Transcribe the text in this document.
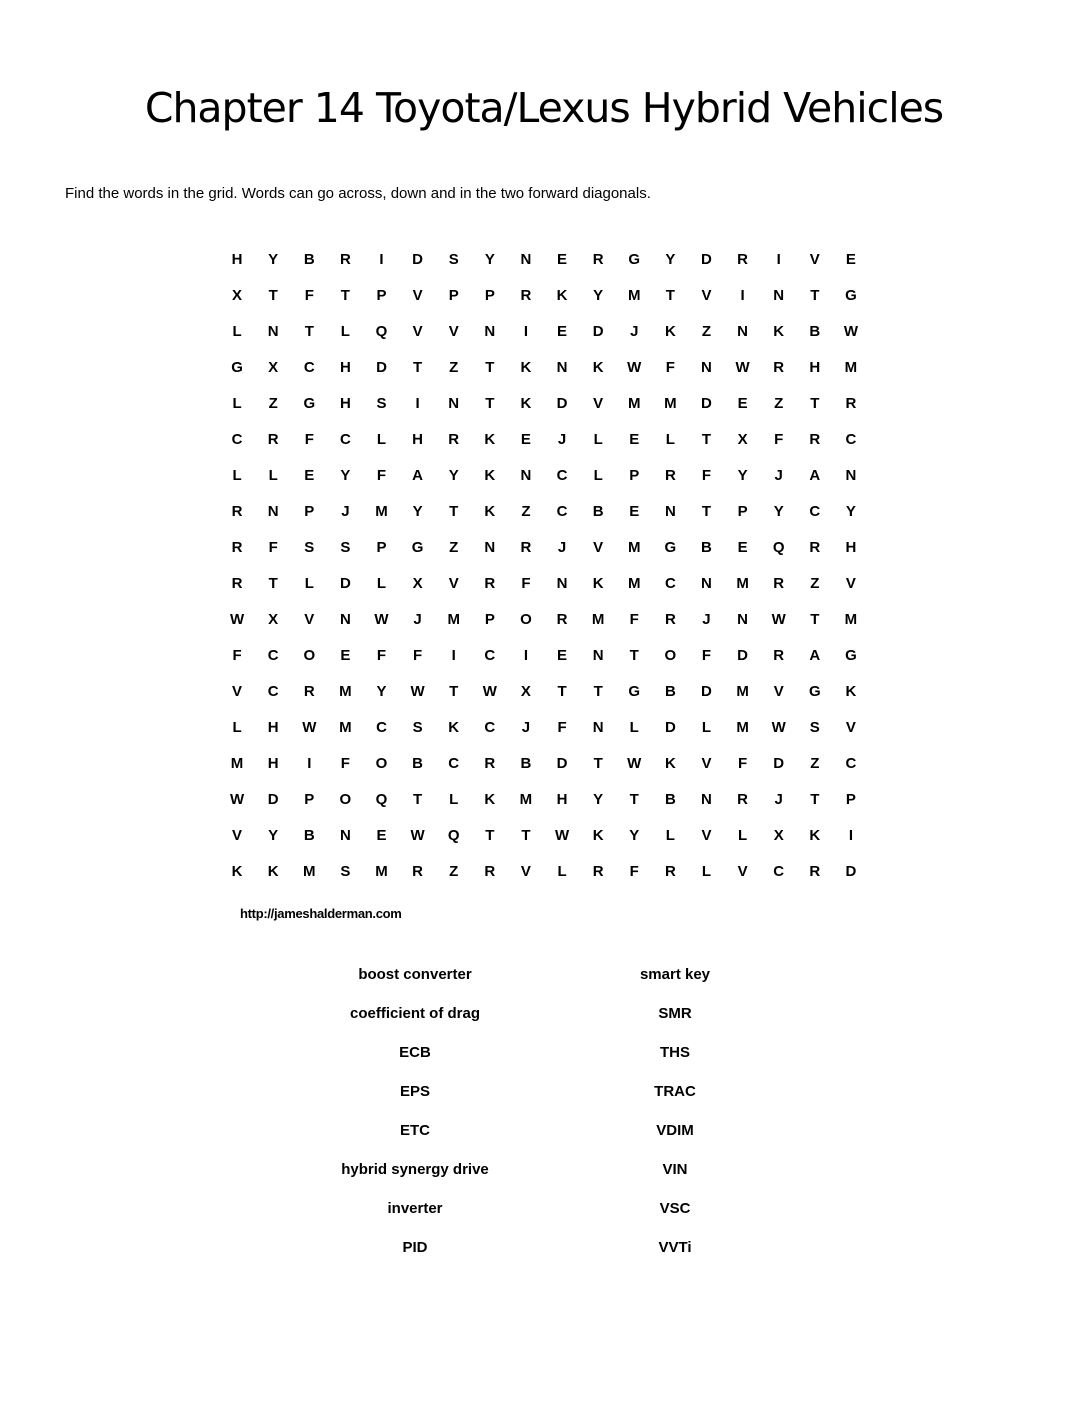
Chapter 14 Toyota/Lexus Hybrid Vehicles
Find the words in the grid. Words can go across, down and in the two forward diagonals.
H	Y	B	R	I	D	S	Y	N	E	R	G	Y	D	R	I	V	E
X	T	F	T	P	V	P	P	R	K	Y	M	T	V	I	N	T	G
L	N	T	L	Q	V	V	N	I	E	D	J	K	Z	N	K	B	W
G	X	C	H	D	T	Z	T	K	N	K	W	F	N	W	R	H	M
L	Z	G	H	S	I	N	T	K	D	V	M	M	D	E	Z	T	R
C	R	F	C	L	H	R	K	E	J	L	E	L	T	X	F	R	C
L	L	E	Y	F	A	Y	K	N	C	L	P	R	F	Y	J	A	N
R	N	P	J	M	Y	T	K	Z	C	B	E	N	T	P	Y	C	Y
R	F	S	S	P	G	Z	N	R	J	V	M	G	B	E	Q	R	H
R	T	L	D	L	X	V	R	F	N	K	M	C	N	M	R	Z	V
W	X	V	N	W	J	M	P	O	R	M	F	R	J	N	W	T	M
F	C	O	E	F	F	I	C	I	E	N	T	O	F	D	R	A	G
V	C	R	M	Y	W	T	W	X	T	T	G	B	D	M	V	G	K
L	H	W	M	C	S	K	C	J	F	N	L	D	L	M	W	S	V
M	H	I	F	O	B	C	R	B	D	T	W	K	V	F	D	Z	C
W	D	P	O	Q	T	L	K	M	H	Y	T	B	N	R	J	T	P
V	Y	B	N	E	W	Q	T	T	W	K	Y	L	V	L	X	K	I
K	K	M	S	M	R	Z	R	V	L	R	F	R	L	V	C	R	D
http://jameshalderman.com
boost converter	smart key
coefficient of drag	SMR
ECB	THS
EPS	TRAC
ETC	VDIM
hybrid synergy drive	VIN
inverter	VSC
PID	VVTi
